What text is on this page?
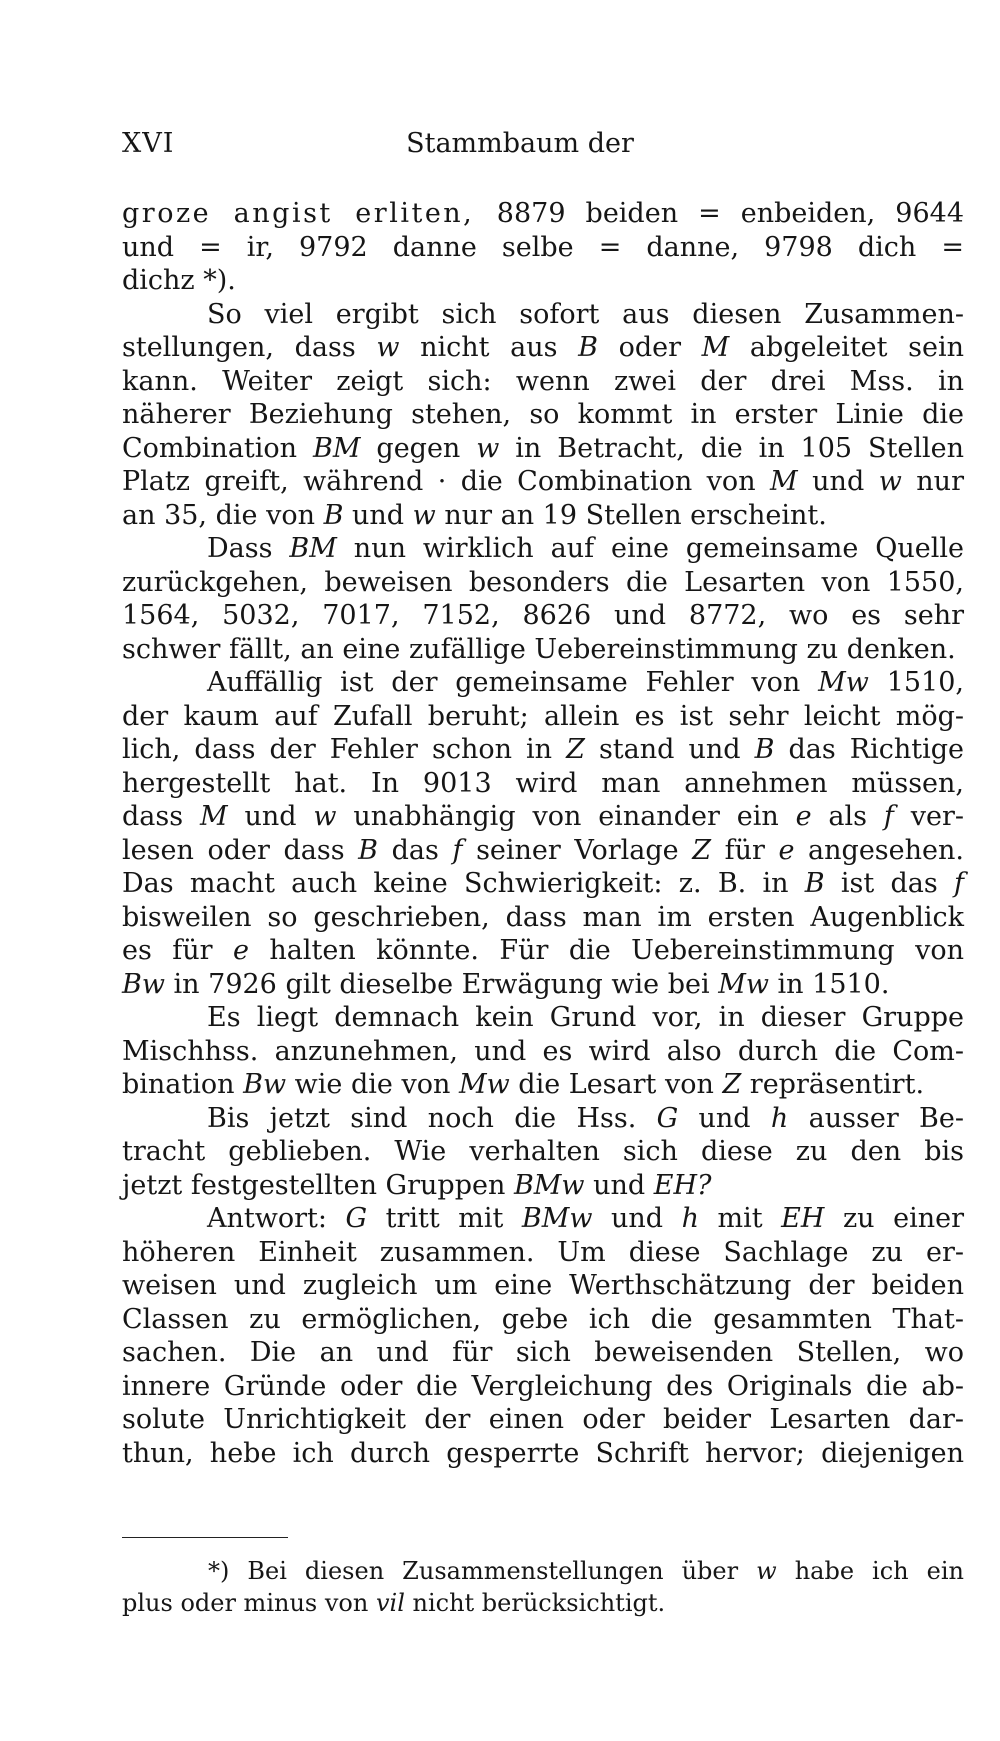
XVI	Stammbaum der
groze angist erliten, 8879 beiden = enbeiden, 9644
und = ir, 9792 danne selbe = danne, 9798 dich =
dichz *).
So viel ergibt sich sofort aus diesen Zusammen-
stellungen, dass w nicht aus B oder M abgeleitet sein
kann. Weiter zeigt sich: wenn zwei der drei Mss. in
näherer Beziehung stehen, so kommt in erster Linie die
Combination BM gegen w in Betracht, die in 105 Stellen
Platz greift, während · die Combination von M und w nur
an 35, die von B und w nur an 19 Stellen erscheint.
Dass BM nun wirklich auf eine gemeinsame Quelle
zurückgehen, beweisen besonders die Lesarten von 1550,
1564, 5032, 7017, 7152, 8626 und 8772, wo es sehr
schwer fällt, an eine zufällige Uebereinstimmung zu denken.
Auffällig ist der gemeinsame Fehler von Mw 1510,
der kaum auf Zufall beruht; allein es ist sehr leicht mög-
lich, dass der Fehler schon in Z stand und B das Richtige
hergestellt hat. In 9013 wird man annehmen müssen,
dass M und w unabhängig von einander ein e als f ver-
lesen oder dass B das f seiner Vorlage Z für e angesehen.
Das macht auch keine Schwierigkeit: z. B. in B ist das f
bisweilen so geschrieben, dass man im ersten Augenblick
es für e halten könnte. Für die Uebereinstimmung von
Bw in 7926 gilt dieselbe Erwägung wie bei Mw in 1510.
Es liegt demnach kein Grund vor, in dieser Gruppe
Mischhss. anzunehmen, und es wird also durch die Com-
bination Bw wie die von Mw die Lesart von Z repräsentirt.
Bis jetzt sind noch die Hss. G und h ausser Be-
tracht geblieben. Wie verhalten sich diese zu den bis
jetzt festgestellten Gruppen BMw und EH?
Antwort: G tritt mit BMw und h mit EH zu einer
höheren Einheit zusammen. Um diese Sachlage zu er-
weisen und zugleich um eine Werthschätzung der beiden
Classen zu ermöglichen, gebe ich die gesammten That-
sachen. Die an und für sich beweisenden Stellen, wo
innere Gründe oder die Vergleichung des Originals die ab-
solute Unrichtigkeit der einen oder beider Lesarten dar-
thun, hebe ich durch gesperrte Schrift hervor; diejenigen
*) Bei diesen Zusammenstellungen über w habe ich ein
plus oder minus von vil nicht berücksichtigt.
